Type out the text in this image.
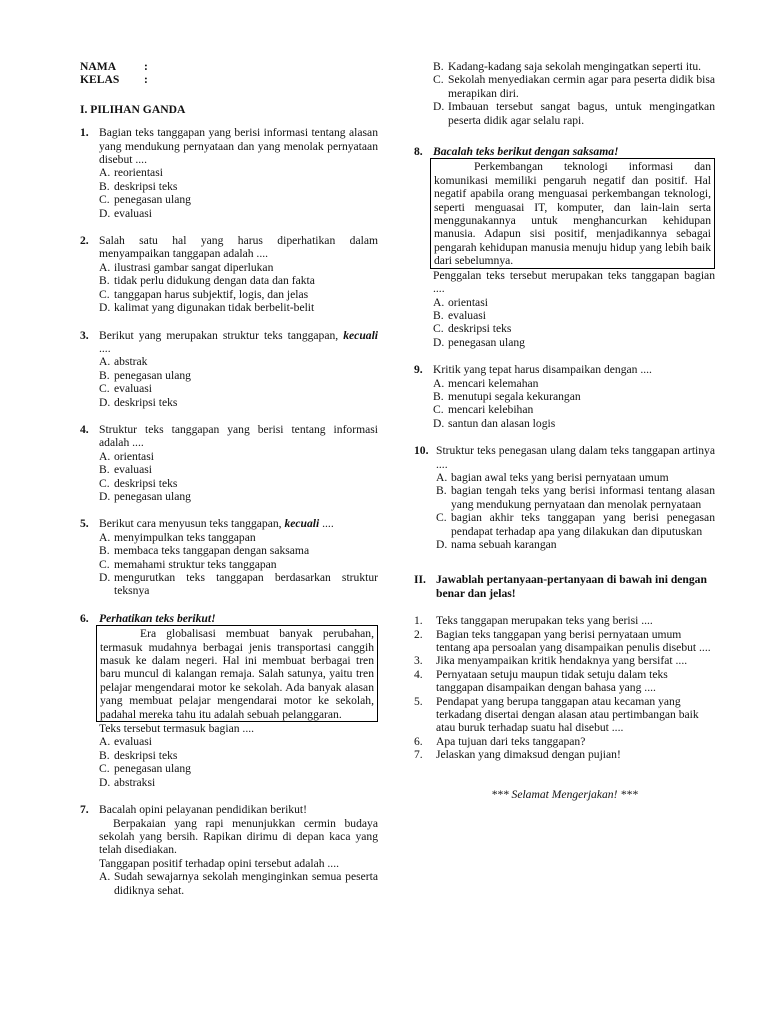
NAMA	:
KELAS	:
I. PILIHAN GANDA
1. Bagian teks tanggapan yang berisi informasi tentang alasan yang mendukung pernyataan dan yang menolak pernyataan disebut ....
A. reorientasi
B. deskripsi teks
C. penegasan ulang
D. evaluasi
2. Salah satu hal yang harus diperhatikan dalam menyampaikan tanggapan adalah ....
A. ilustrasi gambar sangat diperlukan
B. tidak perlu didukung dengan data dan fakta
C. tanggapan harus subjektif, logis, dan jelas
D. kalimat yang digunakan tidak berbelit-belit
3. Berikut yang merupakan struktur teks tanggapan, kecuali ....
A. abstrak
B. penegasan ulang
C. evaluasi
D. deskripsi teks
4. Struktur teks tanggapan yang berisi tentang informasi adalah ....
A. orientasi
B. evaluasi
C. deskripsi teks
D. penegasan ulang
5. Berikut cara menyusun teks tanggapan, kecuali ....
A. menyimpulkan teks tanggapan
B. membaca teks tanggapan dengan saksama
C. memahami struktur teks tanggapan
D. mengurutkan teks tanggapan berdasarkan struktur teksnya
6. Perhatikan teks berikut!
Era globalisasi membuat banyak perubahan, termasuk mudahnya berbagai jenis transportasi canggih masuk ke dalam negeri. Hal ini membuat berbagai tren baru muncul di kalangan remaja. Salah satunya, yaitu tren pelajar mengendarai motor ke sekolah. Ada banyak alasan yang membuat pelajar mengendarai motor ke sekolah, padahal mereka tahu itu adalah sebuah pelanggaran.
Teks tersebut termasuk bagian ....
A. evaluasi
B. deskripsi teks
C. penegasan ulang
D. abstraksi
7. Bacalah opini pelayanan pendidikan berikut!
Berpakaian yang rapi menunjukkan cermin budaya sekolah yang bersih. Rapikan dirimu di depan kaca yang telah disediakan.
Tanggapan positif terhadap opini tersebut adalah ....
A. Sudah sewajarnya sekolah menginginkan semua peserta didiknya sehat.
B. Kadang-kadang saja sekolah mengingatkan seperti itu.
C. Sekolah menyediakan cermin agar para peserta didik bisa merapikan diri.
D. Imbauan tersebut sangat bagus, untuk mengingatkan peserta didik agar selalu rapi.
8. Bacalah teks berikut dengan saksama!
Perkembangan teknologi informasi dan komunikasi memiliki pengaruh negatif dan positif. Hal negatif apabila orang menguasai perkembangan teknologi, seperti menguasai IT, komputer, dan lain-lain serta menggunakannya untuk menghancurkan kehidupan manusia. Adapun sisi positif, menjadikannya sebagai pengarah kehidupan manusia menuju hidup yang lebih baik dari sebelumnya.
Penggalan teks tersebut merupakan teks tanggapan bagian ....
A. orientasi
B. evaluasi
C. deskripsi teks
D. penegasan ulang
9. Kritik yang tepat harus disampaikan dengan ....
A. mencari kelemahan
B. menutupi segala kekurangan
C. mencari kelebihan
D. santun dan alasan logis
10. Struktur teks penegasan ulang dalam teks tanggapan artinya ....
A. bagian awal teks yang berisi pernyataan umum
B. bagian tengah teks yang berisi informasi tentang alasan yang mendukung pernyataan dan menolak pernyataan
C. bagian akhir teks tanggapan yang berisi penegasan pendapat terhadap apa yang dilakukan dan diputuskan
D. nama sebuah karangan
II. Jawablah pertanyaan-pertanyaan di bawah ini dengan benar dan jelas!
1.	Teks tanggapan merupakan teks yang berisi ....
2.	Bagian teks tanggapan yang berisi pernyataan umum tentang apa persoalan yang disampaikan penulis disebut ....
3.	Jika menyampaikan kritik hendaknya yang bersifat ....
4.	Pernyataan setuju maupun tidak setuju dalam teks tanggapan disampaikan dengan bahasa yang ....
5.	Pendapat yang berupa tanggapan atau kecaman yang terkadang disertai dengan alasan atau pertimbangan baik atau buruk terhadap suatu hal disebut ....
6.	Apa tujuan dari teks tanggapan?
7.	Jelaskan yang dimaksud dengan pujian!
*** Selamat Mengerjakan! ***
